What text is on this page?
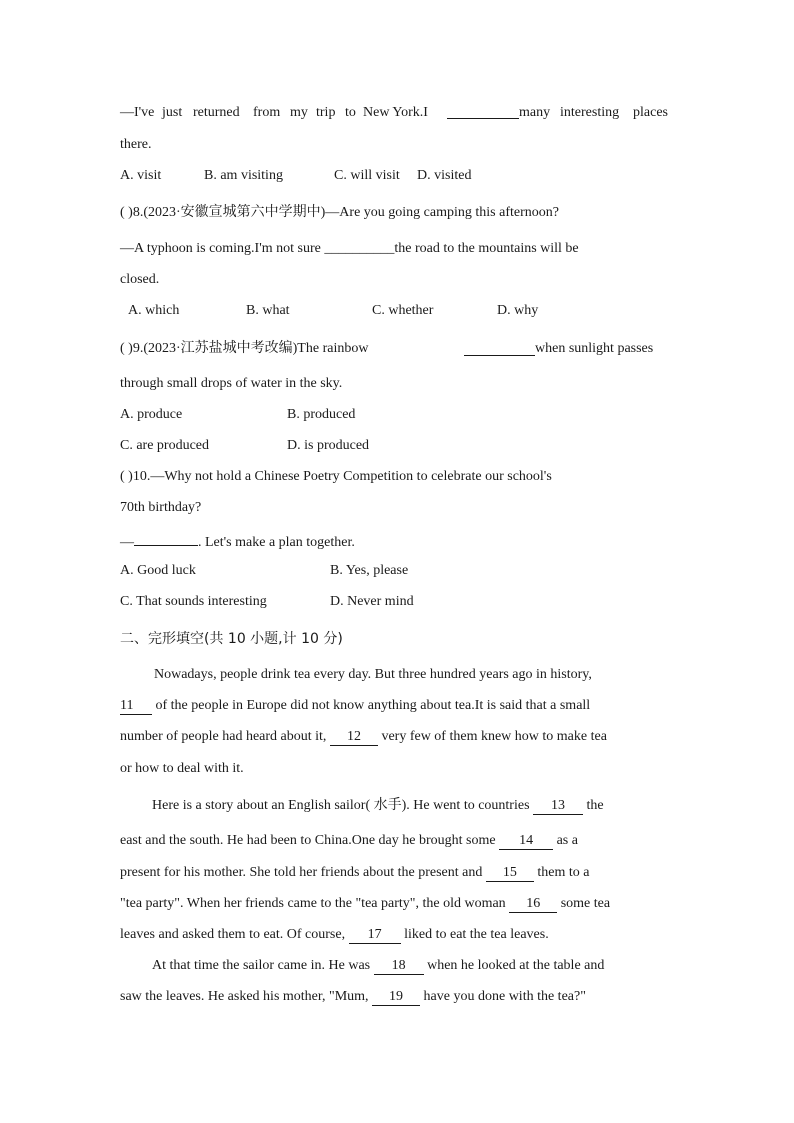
—I've just returned from my trip to New York.I	many interesting places
there.
A. visit	B. am visiting	C. will visit D. visited
( )8.(2023·安徽宣城第六中学期中)—Are you going camping this afternoon?
—A typhoon is coming.I'm not sure __________the road to the mountains will be
closed.
A. which	B. what	C. whether	D. why
( )9.(2023·江苏盐城中考改编)The rainbow	when sunlight passes
through small drops of water in the sky.
A. produce	B. produced
C. are produced	D. is produced
( )10.—Why not hold a Chinese Poetry Competition to celebrate our school's
70th birthday?
—	. Let's make a plan together.
A. Good luck	B. Yes, please
C. That sounds interesting	D. Never mind
二、完形填空(共 10 小题,计 10 分)
Nowadays, people drink tea every day. But three hundred years ago in history,
11 of the people in Europe did not know anything about tea.It is said that a small
number of people had heard about it, 12 very few of them knew how to make tea
or how to deal with it.
Here is a story about an English sailor( 水手). He went to countries 13 the
east and the south. He had been to China.One day he brought some 14 as a
present for his mother. She told her friends about the present and 15 them to a
"tea party". When her friends came to the "tea party", the old woman 16 some tea
leaves and asked them to eat. Of course, 17 liked to eat the tea leaves.
At that time the sailor came in. He was 18 when he looked at the table and
saw the leaves. He asked his mother, "Mum, 19 have you done with the tea?"
